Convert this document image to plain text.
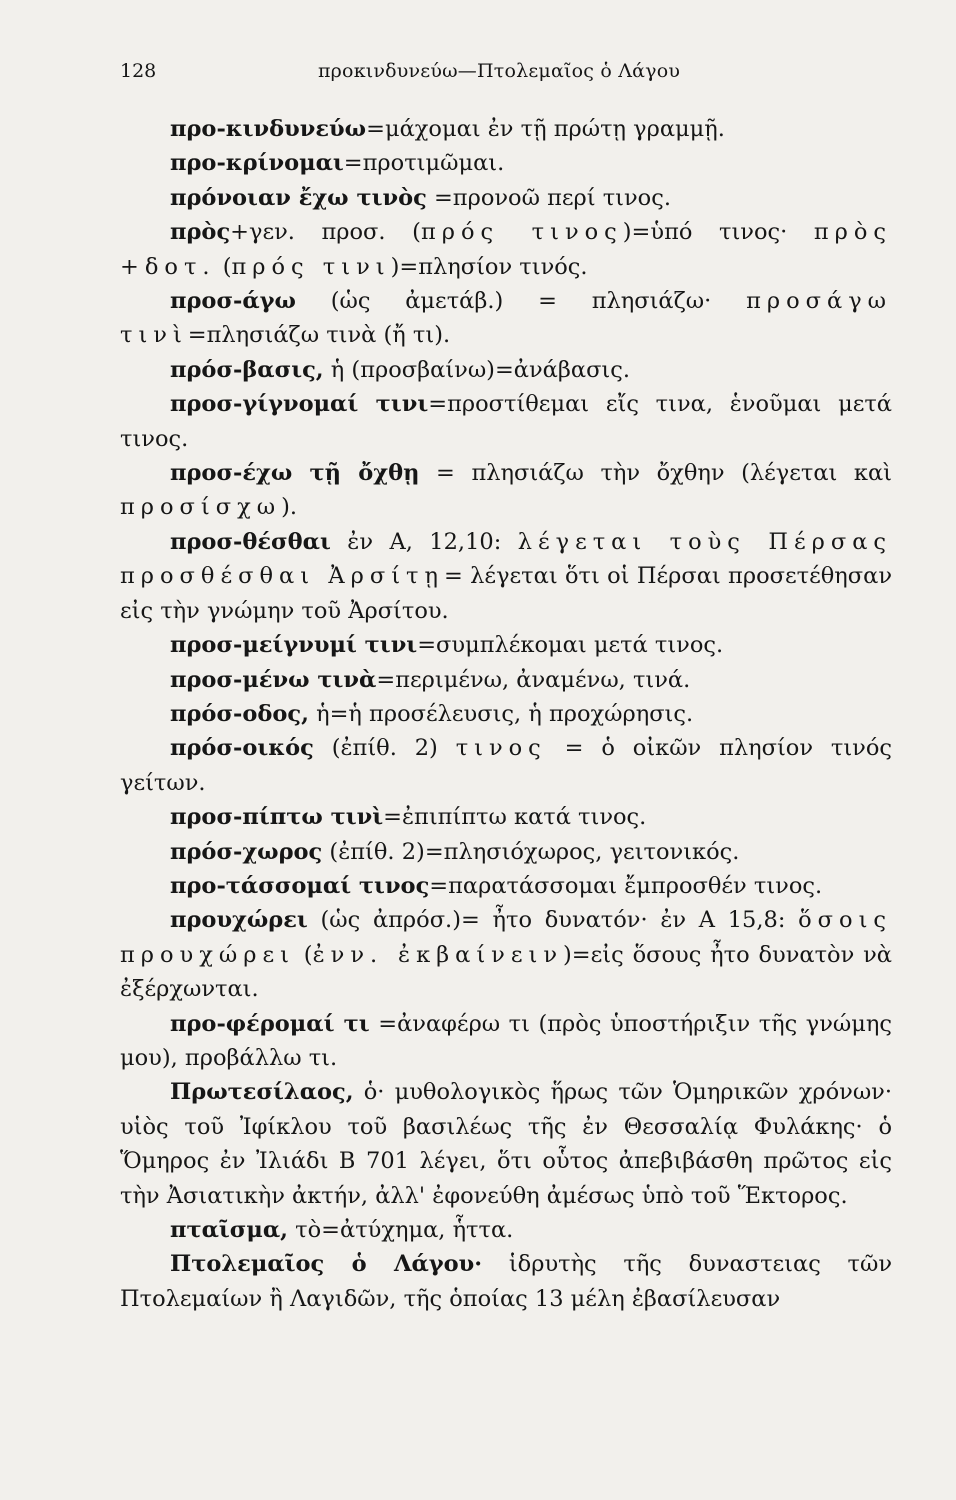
128	προκινδυνεύω—Πτολεμαῖος ὁ Λάγου

προ-κινδυνεύω=μάχομαι ἐν τῇ πρώτῃ γραμμῇ.

προ-κρίνομαι=προτιμῶμαι.

πρόνοιαν ἔχω τινὸς =προνοῶ περί τινος.

πρὸς+γεν. προσ. (πρός τινος)=ὑπό τινος· πρὸς +δοτ. (πρός τινι)=πλησίον τινός.

προσ-άγω (ὡς ἀμετάβ.) = πλησιάζω· προσάγω τινὶ=πλησιάζω τινὰ (ἤ τι).

πρόσ-βασις, ἡ (προσβαίνω)=ἀνάβασις.

προσ-γίγνομαί τινι=προστίθεμαι εἴς τινα, ἑνοῦμαι μετά τινος.

προσ-έχω τῇ ὄχθῃ = πλησιάζω τὴν ὄχθην (λέγεται καὶ προσίσχω).

προσ-θέσθαι ἐν Α, 12,10: λέγεται τοὺς Πέρσας προσθέσθαι Ἀρσίτῃ= λέγεται ὅτι οἱ Πέρσαι προσετέθησαν εἰς τὴν γνώμην τοῦ Ἀρσίτου.

προσ-μείγνυμί τινι=συμπλέκομαι μετά τινος.

προσ-μένω τινὰ=περιμένω, ἀναμένω, τινά.

πρόσ-οδος, ἡ=ἡ προσέλευσις, ἡ προχώρησις.

πρόσ-οικός (ἐπίθ. 2) τινος = ὁ οἰκῶν πλησίον τινός γείτων.

προσ-πίπτω τινὶ=ἐπιπίπτω κατά τινος.

πρόσ-χωρος (ἐπίθ. 2)=πλησιόχωρος, γειτονικός.

προ-τάσσομαί τινος=παρατάσσομαι ἔμπροσθέν τινος.

προυχώρει (ὡς ἀπρόσ.)= ἦτο δυνατόν· ἐν Α 15,8: ὅσοις προυχώρει (ἐνν. ἐκβαίνειν)=εἰς ὅσους ἦτο δυνατὸν νὰ ἐξέρχωνται.

προ-φέρομαί τι =ἀναφέρω τι (πρὸς ὑποστήριξιν τῆς γνώμης μου), προβάλλω τι.

Πρωτεσίλαος, ὁ· μυθολογικὸς ἥρως τῶν Ὁμηρικῶν χρόνων· υἱὸς τοῦ Ἰφίκλου τοῦ βασιλέως τῆς ἐν Θεσσαλίᾳ Φυλάκης· ὁ Ὅμηρος ἐν Ἰλιάδι Β 701 λέγει, ὅτι οὗτος ἀπεβιβάσθη πρῶτος εἰς τὴν Ἀσιατικὴν ἀκτήν, ἀλλ' ἐφονεύθη ἀμέσως ὑπὸ τοῦ Ἕκτορος.

πταῖσμα, τὸ=ἀτύχημα, ἧττα.

Πτολεμαῖος ὁ Λάγου· ἱδρυτὴς τῆς δυναστειας τῶν Πτολεμαίων ἢ Λαγιδῶν, τῆς ὁποίας 13 μέλη ἐβασίλευσαν
